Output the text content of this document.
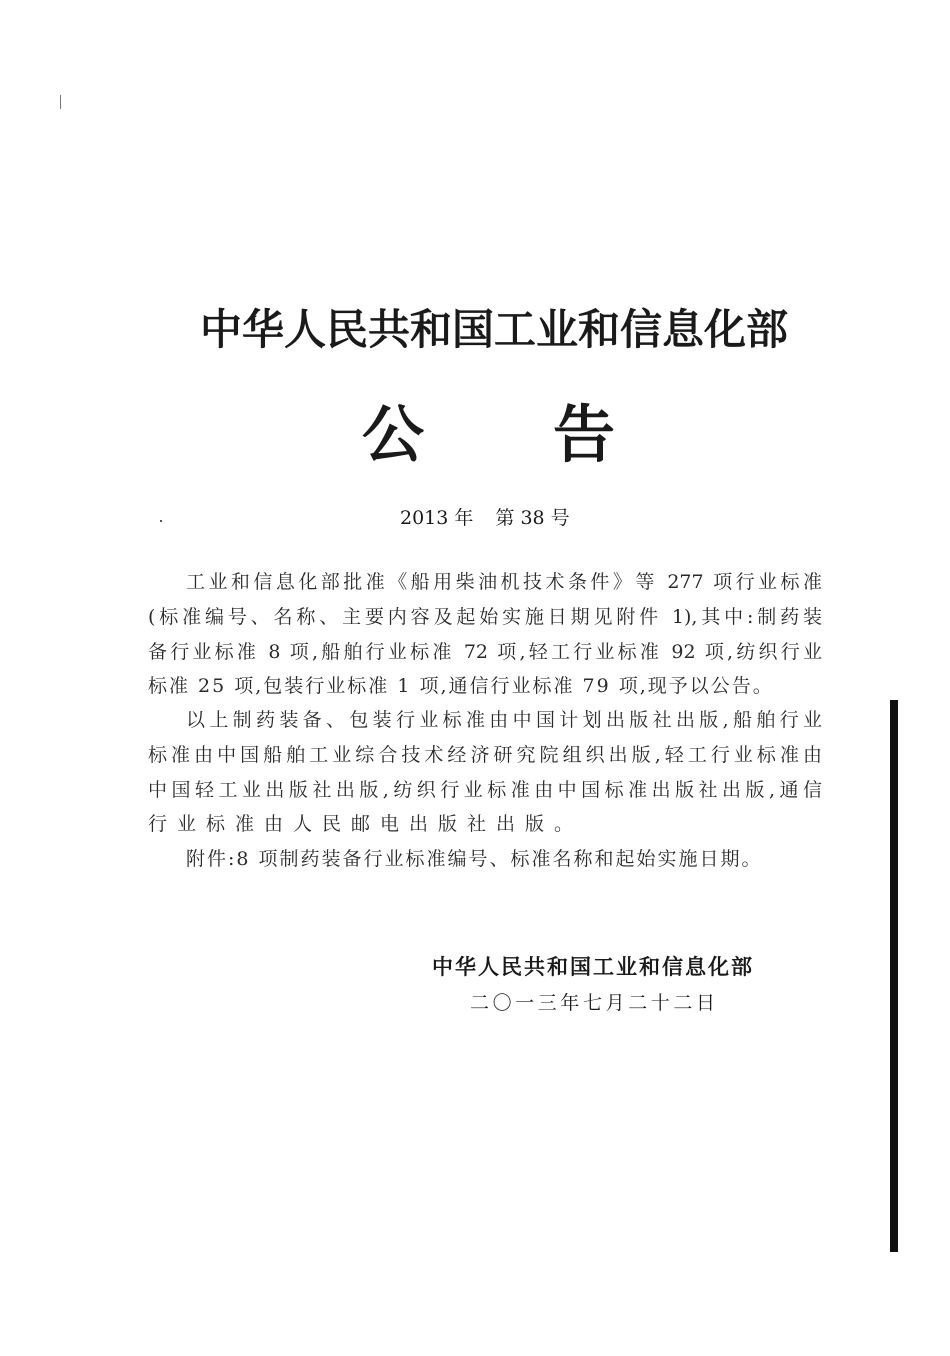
中华人民共和国工业和信息化部
公 告
2013 年 第 38 号
工业和信息化部批准《船用柴油机技术条件》等 277 项行业标准
(标准编号、名称、主要内容及起始实施日期见附件 1),其中:制药装
备行业标准 8 项,船舶行业标准 72 项,轻工行业标准 92 项,纺织行业
标准 25 项,包装行业标准 1 项,通信行业标准 79 项,现予以公告。
以上制药装备、包装行业标准由中国计划出版社出版,船舶行业
标准由中国船舶工业综合技术经济研究院组织出版,轻工行业标准由
中国轻工业出版社出版,纺织行业标准由中国标准出版社出版,通信
行业标准由人民邮电出版社出版。
附件:8 项制药装备行业标准编号、标准名称和起始实施日期。
中华人民共和国工业和信息化部
二〇一三年七月二十二日
